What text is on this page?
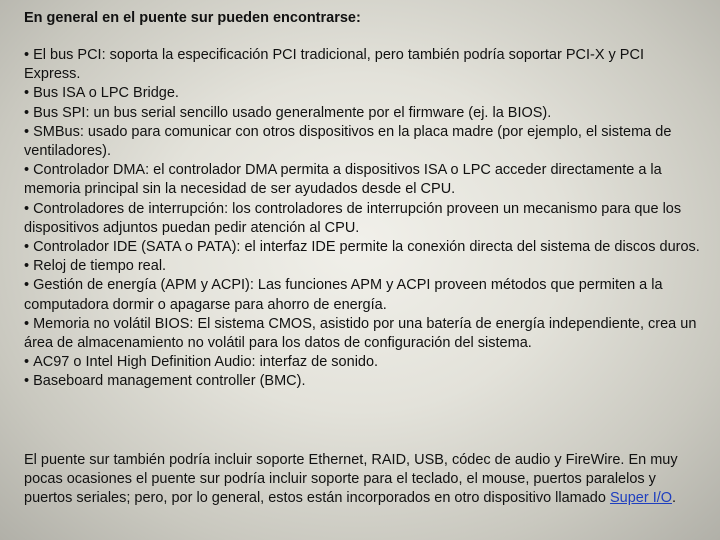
En general en el puente sur pueden encontrarse:
• El bus PCI: soporta la especificación PCI tradicional, pero también podría soportar PCI-X y PCI Express.
• Bus ISA o LPC Bridge.
• Bus SPI: un bus serial sencillo usado generalmente por el firmware (ej. la BIOS).
• SMBus: usado para comunicar con otros dispositivos en la placa madre (por ejemplo, el sistema de ventiladores).
• Controlador DMA: el controlador DMA permita a dispositivos ISA o LPC acceder directamente a la memoria principal sin la necesidad de ser ayudados desde el CPU.
• Controladores de interrupción: los controladores de interrupción proveen un mecanismo para que los dispositivos adjuntos puedan pedir atención al CPU.
• Controlador IDE (SATA o PATA): el interfaz IDE permite la conexión directa del sistema de discos duros.
• Reloj de tiempo real.
• Gestión de energía (APM y ACPI): Las funciones APM y ACPI proveen métodos que permiten a la computadora dormir o apagarse para ahorro de energía.
• Memoria no volátil BIOS: El sistema CMOS, asistido por una batería de energía independiente, crea un área de almacenamiento no volátil para los datos de configuración del sistema.
• AC97 o Intel High Definition Audio: interfaz de sonido.
• Baseboard management controller (BMC).

El puente sur también podría incluir soporte Ethernet, RAID, USB, códec de audio y FireWire. En muy pocas ocasiones el puente sur podría incluir soporte para el teclado, el mouse, puertos paralelos y puertos seriales; pero, por lo general, estos están incorporados en otro dispositivo llamado Super I/O.
